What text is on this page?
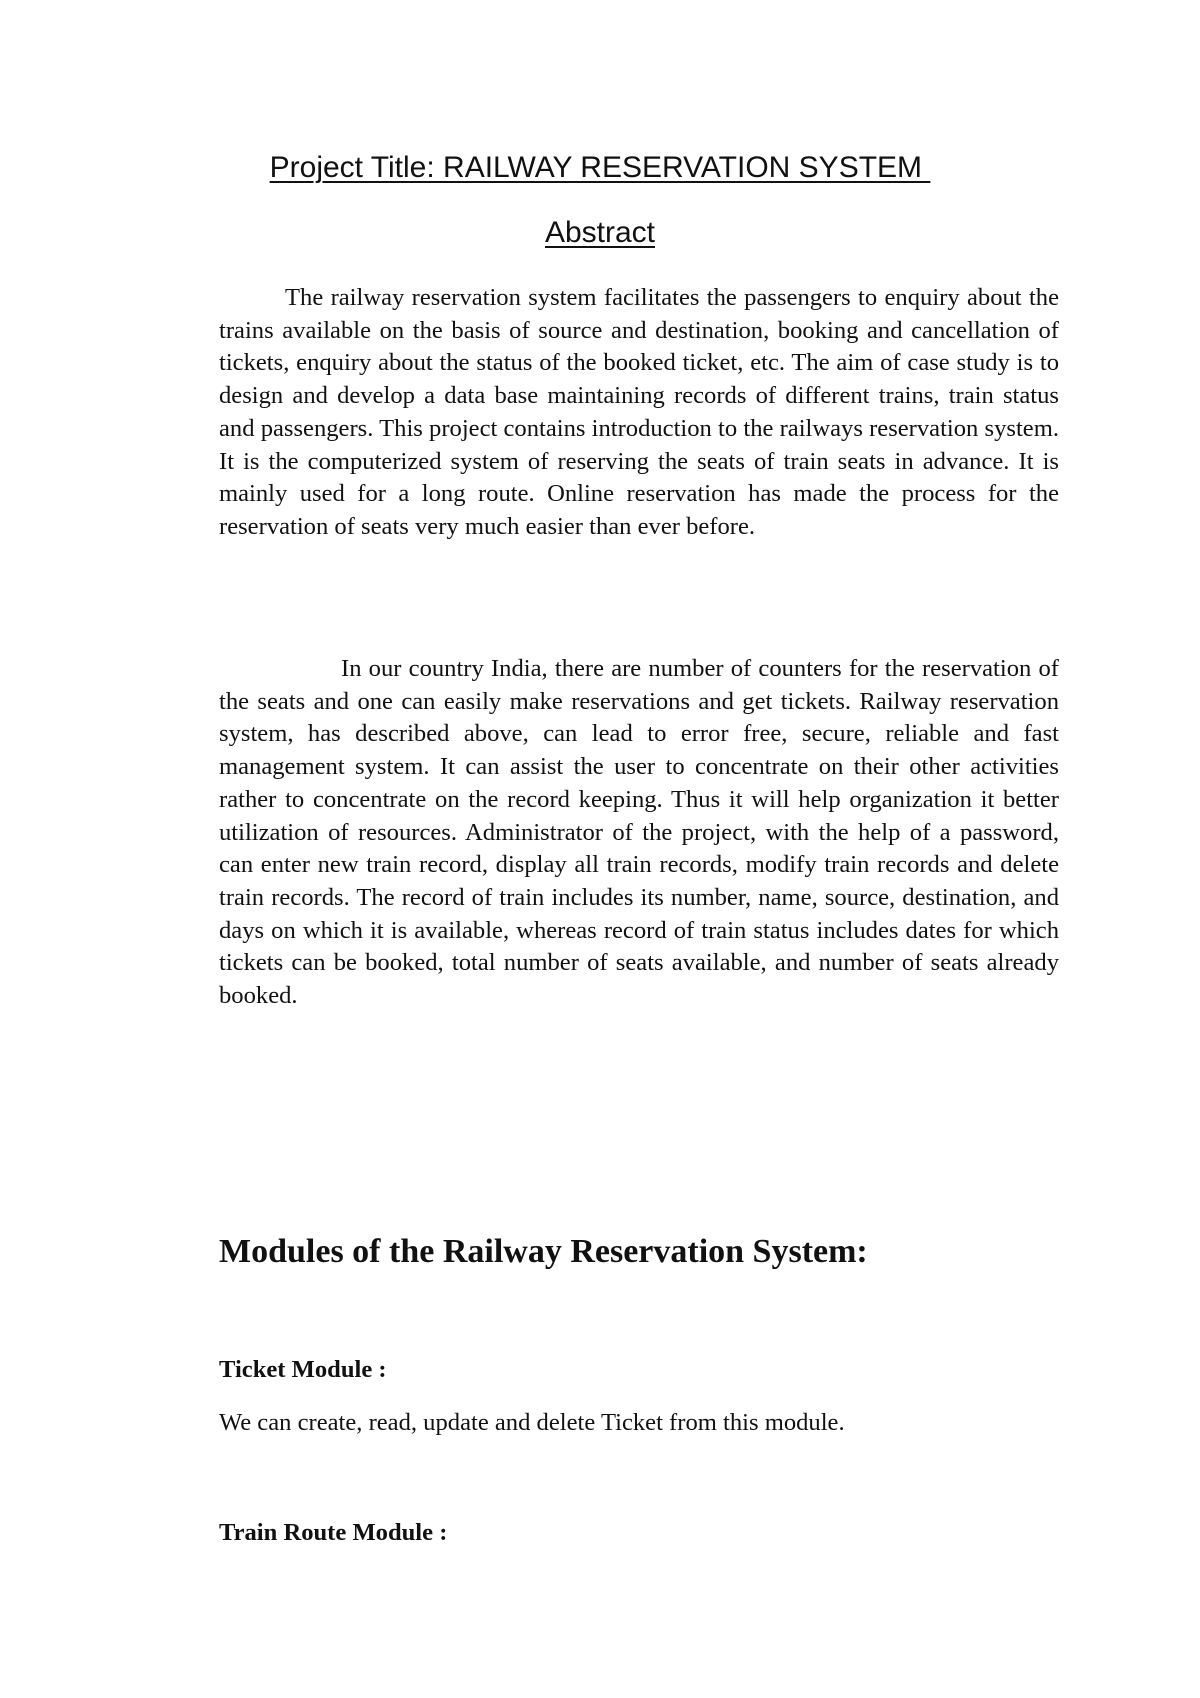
Project Title: RAILWAY RESERVATION SYSTEM
Abstract

The railway reservation system facilitates the passengers to enquiry about the trains available on the basis of source and destination, booking and cancellation of tickets, enquiry about the status of the booked ticket, etc. The aim of case study is to design and develop a data base maintaining records of different trains, train status and passengers. This project contains introduction to the railways reservation system. It is the computerized system of reserving the seats of train seats in advance. It is mainly used for a long route. Online reservation has made the process for the reservation of seats very much easier than ever before.

In our country India, there are number of counters for the reservation of the seats and one can easily make reservations and get tickets. Railway reservation system, has described above, can lead to error free, secure, reliable and fast management system. It can assist the user to concentrate on their other activities rather to concentrate on the record keeping. Thus it will help organization it better utilization of resources. Administrator of the project, with the help of a password, can enter new train record, display all train records, modify train records and delete train records. The record of train includes its number, name, source, destination, and days on which it is available, whereas record of train status includes dates for which tickets can be booked, total number of seats available, and number of seats already booked.

Modules of the Railway Reservation System:
Ticket Module :

We can create, read, update and delete Ticket from this module.

Train Route Module :
